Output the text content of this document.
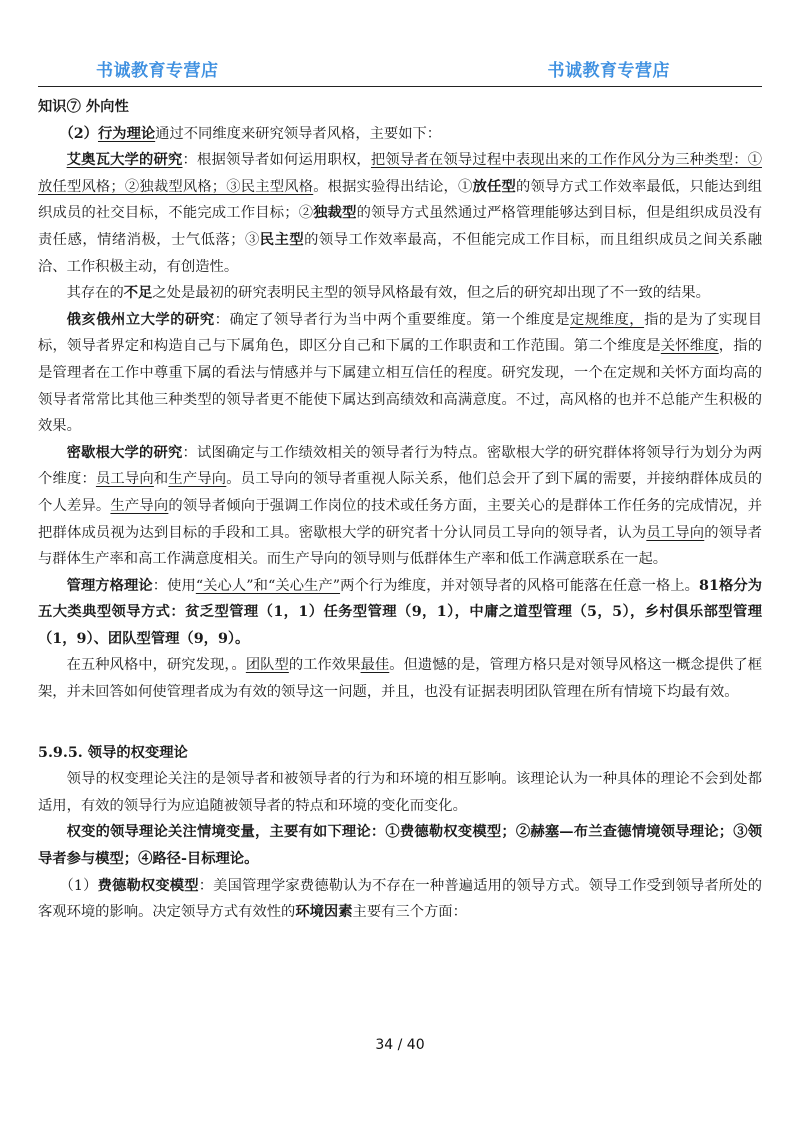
书诚教育专营店	书诚教育专营店

知识⑦ 外向性

（2）行为理论通过不同维度来研究领导者风格，主要如下：

艾奥瓦大学的研究：根据领导者如何运用职权，把领导者在领导过程中表现出来的工作作风分为三种类型：①放任型风格；②独裁型风格；③民主型风格。根据实验得出结论，①放任型的领导方式工作效率最低，只能达到组织成员的社交目标，不能完成工作目标；②独裁型的领导方式虽然通过严格管理能够达到目标，但是组织成员没有责任感，情绪消极，士气低落；③民主型的领导工作效率最高，不但能完成工作目标，而且组织成员之间关系融洽、工作积极主动，有创造性。

其存在的不足之处是最初的研究表明民主型的领导风格最有效，但之后的研究却出现了不一致的结果。

俄亥俄州立大学的研究：确定了领导者行为当中两个重要维度。第一个维度是定规维度，指的是为了实现目标，领导者界定和构造自己与下属角色，即区分自己和下属的工作职责和工作范围。第二个维度是关怀维度，指的是管理者在工作中尊重下属的看法与情感并与下属建立相互信任的程度。研究发现，一个在定规和关怀方面均高的领导者常常比其他三种类型的领导者更不能使下属达到高绩效和高满意度。不过，高风格的也并不总能产生积极的效果。

密歇根大学的研究：试图确定与工作绩效相关的领导者行为特点。密歇根大学的研究群体将领导行为划分为两个维度：员工导向和生产导向。员工导向的领导者重视人际关系，他们总会开了到下属的需要，并接纳群体成员的个人差异。生产导向的领导者倾向于强调工作岗位的技术或任务方面，主要关心的是群体工作任务的完成情况，并把群体成员视为达到目标的手段和工具。密歇根大学的研究者十分认同员工导向的领导者，认为员工导向的领导者与群体生产率和高工作满意度相关。而生产导向的领导则与低群体生产率和低工作满意联系在一起。

管理方格理论：使用“关心人”和“关心生产”两个行为维度，并对领导者的风格可能落在任意一格上。81格分为五大类典型领导方式：贫乏型管理（1，1）任务型管理（9，1），中庸之道型管理（5，5），乡村俱乐部型管理（1，9）、团队型管理（9，9）。

在五种风格中，研究发现，。团队型的工作效果最佳。但遗憾的是，管理方格只是对领导风格这一概念提供了框架，并未回答如何使管理者成为有效的领导这一问题，并且，也没有证据表明团队管理在所有情境下均最有效。

5.9.5. 领导的权变理论

领导的权变理论关注的是领导者和被领导者的行为和环境的相互影响。该理论认为一种具体的理论不会到处都适用，有效的领导行为应追随被领导者的特点和环境的变化而变化。

权变的领导理论关注情境变量，主要有如下理论：①费德勒权变模型；②赫塞—布兰查德情境领导理论；③领导者参与模型；④路径-目标理论。

（1）费德勒权变模型：美国管理学家费德勒认为不存在一种普遍适用的领导方式。领导工作受到领导者所处的客观环境的影响。决定领导方式有效性的环境因素主要有三个方面：

34 / 40
